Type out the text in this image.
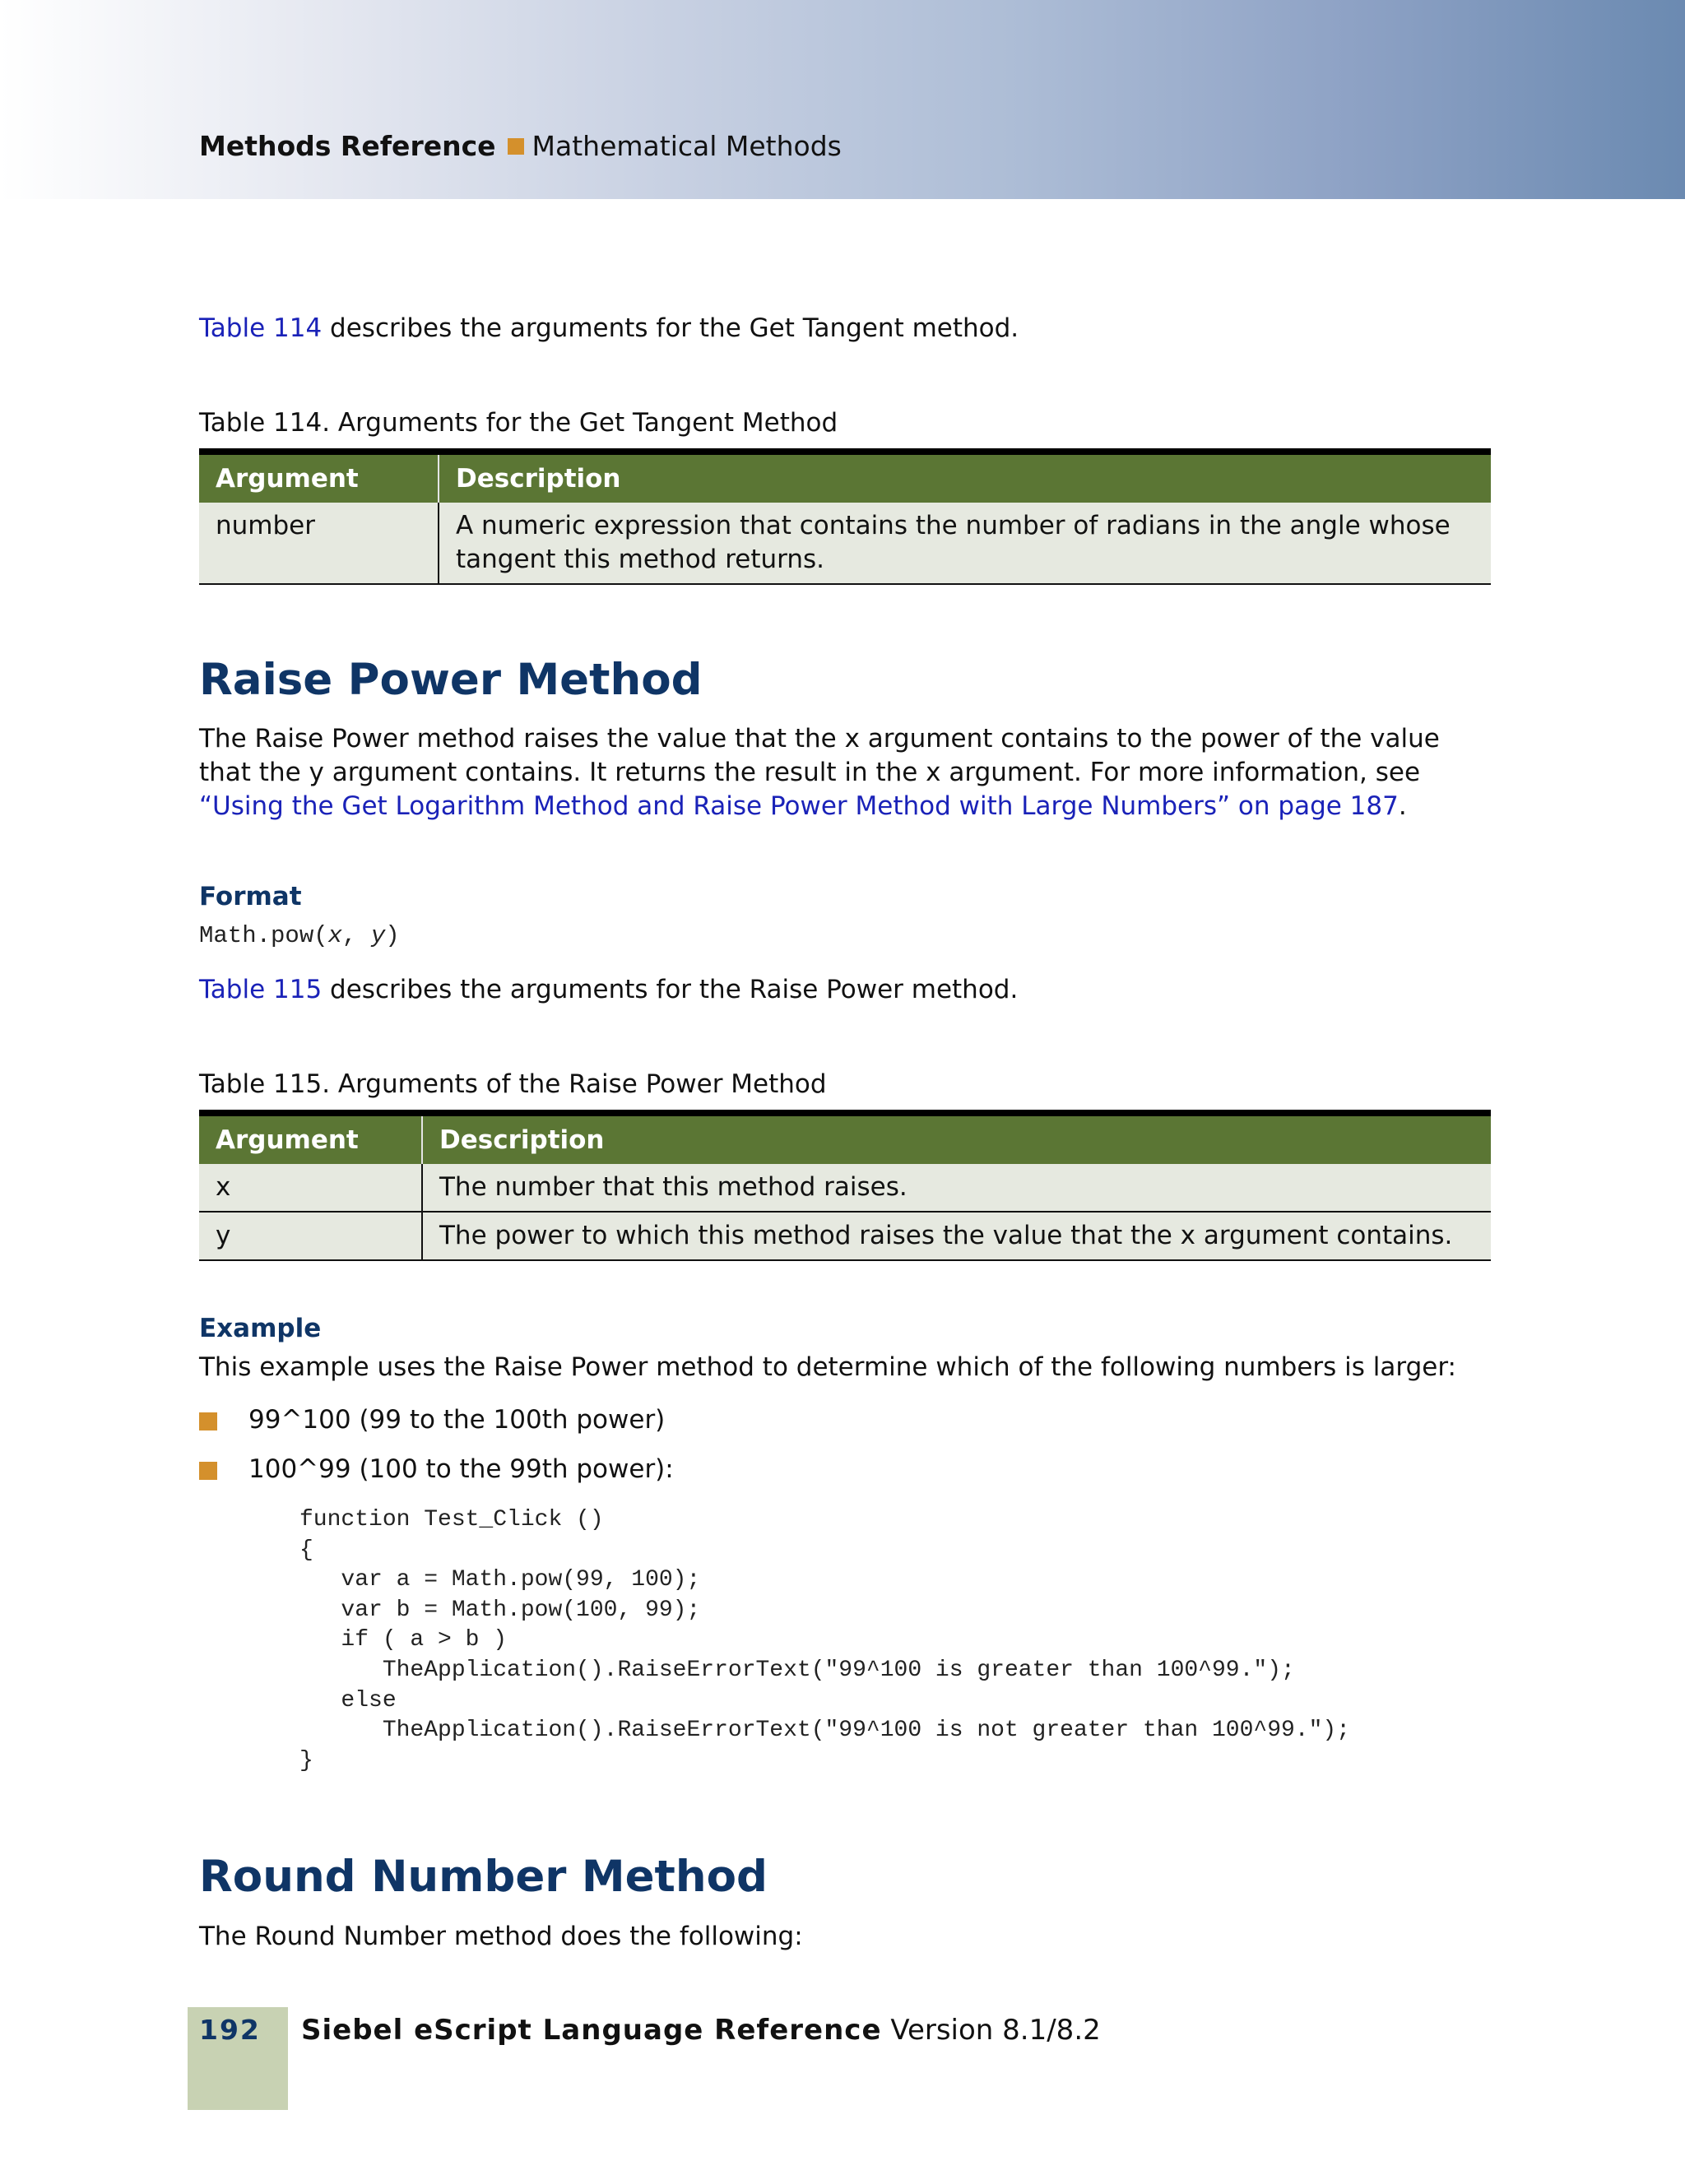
Methods Reference Mathematical Methods

Table 114 describes the arguments for the Get Tangent method.

Table 114. Arguments for the Get Tangent Method
Argument	Description
number	A numeric expression that contains the number of radians in the angle whose tangent this method returns.
Raise Power Method

The Raise Power method raises the value that the x argument contains to the power of the value that the y argument contains. It returns the result in the x argument. For more information, see “Using the Get Logarithm Method and Raise Power Method with Large Numbers” on page 187.

Format
Math.pow(x, y)

Table 115 describes the arguments for the Raise Power method.

Table 115. Arguments of the Raise Power Method
Argument	Description
x	The number that this method raises.
y	The power to which this method raises the value that the x argument contains.
Example

This example uses the Raise Power method to determine which of the following numbers is larger:

99^100 (99 to the 100th power)
100^99 (100 to the 99th power):
function Test_Click ()
{
var a = Math.pow(99, 100);
var b = Math.pow(100, 99);
if ( a > b )
TheApplication().RaiseErrorText("99^100 is greater than 100^99.");
else
TheApplication().RaiseErrorText("99^100 is not greater than 100^99.");
}
Round Number Method

The Round Number method does the following:

192 Siebel eScript Language Reference Version 8.1/8.2
